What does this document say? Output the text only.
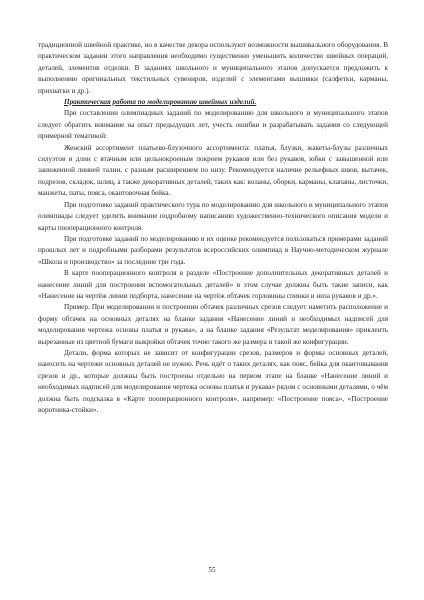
традиционной швейной практике, но в качестве декора используют возможности вышивального оборудования. В практическом задании этого направления необходимо существенно уменьшить количество швейных операций, деталей, элементов отделки. В заданиях школьного и муниципального этапов допускается предложить к выполнению оригинальных текстильных сувениров, изделий с элементами вышивки (салфетки, карманы, прихватки и др.).

Практическая работа по моделированию швейных изделий.

При составлении олимпиадных заданий по моделированию для школьного и муниципального этапов следует обратить внимание на опыт предыдущих лет, учесть ошибки и разрабатывать задания со следующей примерной тематикой:

Женский ассортимент платьево-блузочного ассортимента: платья, блузки, жакеты-блузы различных силуэтов и длин с втачным или цельнокроеным покроем рукавов или без рукавов, юбки с завышенной или заниженной линией талии, с разным расширением по низу. Рекомендуется наличие рельефных швов, вытачек, подрезов, складок, шлиц, а также декоративных деталей, таких как: воланы, оборки, карманы, клапаны, листочки, манжеты, паты, пояса, окантовочная бейка.

При подготовке заданий практического тура по моделированию для школьного и муниципального этапов олимпиады следует уделить внимание подробному написанию художественно-технического описания модели и карты пооперационного контроля.

При подготовке заданий по моделированию и их оценке рекомендуется пользоваться примерами заданий прошлых лет и подробными разборами результатов всероссийских олимпиад в Научно-методическом журнале «Школа и производство» за последние три года.

В карте пооперационного контроля в разделе «Построение дополнительных декоративных деталей и нанесение линий для построения вспомогательных деталей» в этом случае должны быть такие записи, как «Нанесение на чертёж линии подборта, нанесение на чертёж обтачек горловины спинки и низа рукавов и др.».

Пример. При моделировании и построении обтачек различных срезов следует наметить расположение и форму обтачек на основных деталях на бланке задания «Нанесение линий и необходимых надписей для моделирования чертежа основы платья и рукава», а на бланке задания «Результат моделирования» приклеить вырезанные из цветной бумаги выкройки обтачек точно такого же размера и такой же конфигурации.

Детали, форма которых не зависит от конфигурации срезов, размеров и формы основных деталей, наносить на чертежи основных деталей не нужно. Речь идёт о таких деталях, как пояс, бейка для окантовывания срезов и др., которые должны быть построены отдельно на первом этапе на бланке «Нанесение линий и необходимых надписей для моделирования чертежа основы платья и рукава» рядом с основными деталями, о чём должна быть подсказка в «Карте пооперационного контроля», например: «Построение пояса», «Построение воротника-стойки».

55
